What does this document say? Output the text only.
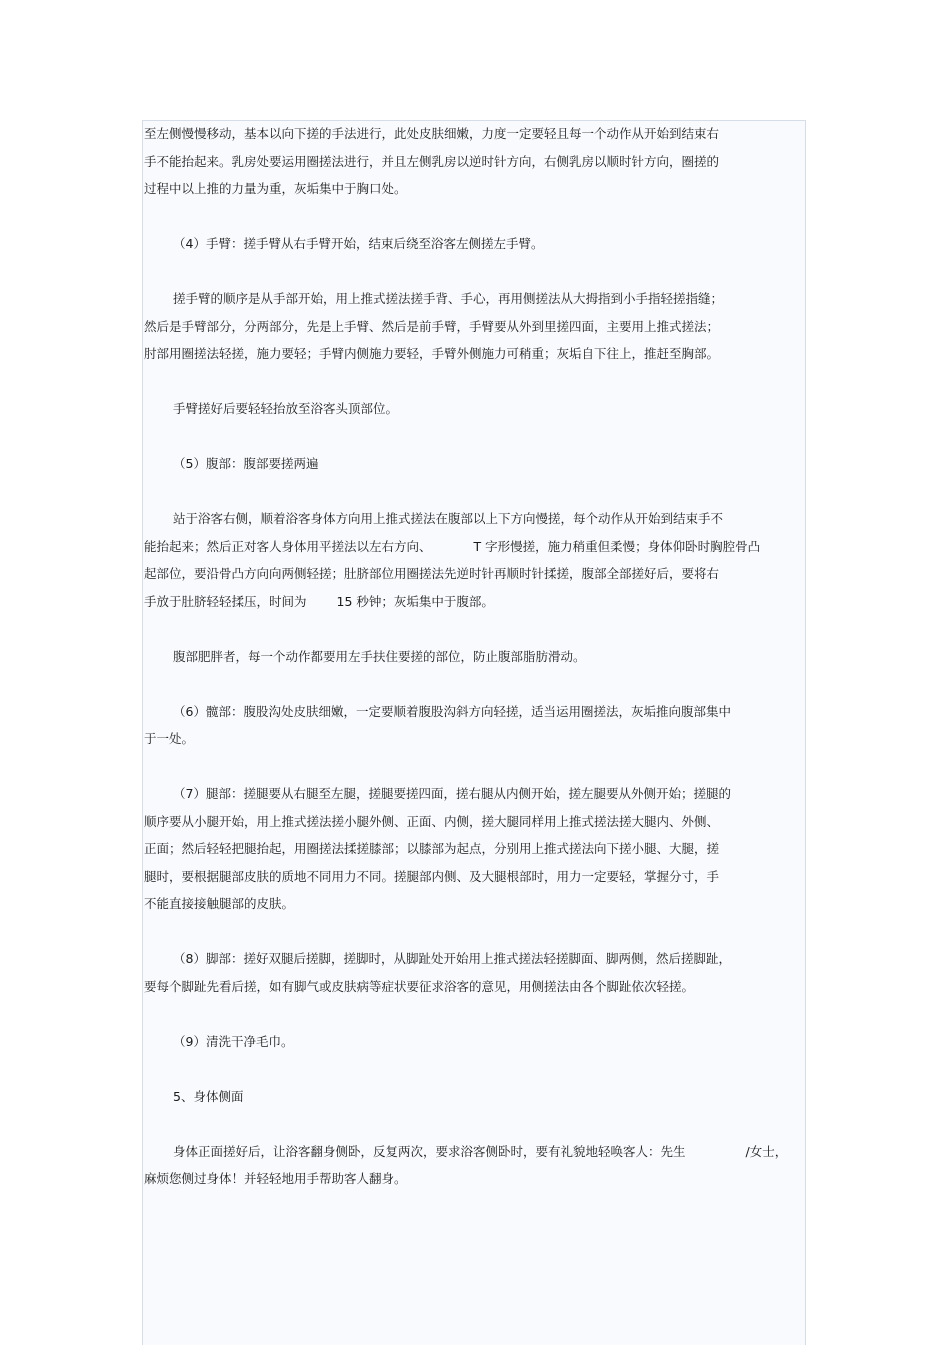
至左侧慢慢移动，基本以向下搓的手法进行，此处皮肤细嫩，力度一定要轻且每一个动作从开始到结束右
手不能抬起来。乳房处要运用圈搓法进行，并且左侧乳房以逆时针方向，右侧乳房以顺时针方向，圈搓的
过程中以上推的力量为重，灰垢集中于胸口处。

（4）手臂：搓手臂从右手臂开始，结束后绕至浴客左侧搓左手臂。

搓手臂的顺序是从手部开始，用上推式搓法搓手背、手心，再用侧搓法从大拇指到小手指轻搓指缝；
然后是手臂部分，分两部分，先是上手臂、然后是前手臂，手臂要从外到里搓四面，主要用上推式搓法；
肘部用圈搓法轻搓，施力要轻；手臂内侧施力要轻，手臂外侧施力可稍重；灰垢自下往上，推赶至胸部。

手臂搓好后要轻轻抬放至浴客头顶部位。

（5）腹部：腹部要搓两遍

站于浴客右侧，顺着浴客身体方向用上推式搓法在腹部以上下方向慢搓，每个动作从开始到结束手不
能抬起来；然后正对客人身体用平搓法以左右方向、	T 字形慢搓，施力稍重但柔慢；身体仰卧时胸腔骨凸
起部位，要沿骨凸方向向两侧轻搓；肚脐部位用圈搓法先逆时针再顺时针揉搓，腹部全部搓好后，要将右
手放于肚脐轻轻揉压，时间为 15 秒钟；灰垢集中于腹部。

腹部肥胖者，每一个动作都要用左手扶住要搓的部位，防止腹部脂肪滑动。

（6）髋部：腹股沟处皮肤细嫩，一定要顺着腹股沟斜方向轻搓，适当运用圈搓法，灰垢推向腹部集中
于一处。

（7）腿部：搓腿要从右腿至左腿，搓腿要搓四面，搓右腿从内侧开始，搓左腿要从外侧开始；搓腿的
顺序要从小腿开始，用上推式搓法搓小腿外侧、正面、内侧，搓大腿同样用上推式搓法搓大腿内、外侧、
正面；然后轻轻把腿抬起，用圈搓法揉搓膝部；以膝部为起点，分别用上推式搓法向下搓小腿、大腿，搓
腿时，要根据腿部皮肤的质地不同用力不同。搓腿部内侧、及大腿根部时，用力一定要轻，掌握分寸，手
不能直接接触腿部的皮肤。

（8）脚部：搓好双腿后搓脚，搓脚时，从脚趾处开始用上推式搓法轻搓脚面、脚两侧，然后搓脚趾，
要每个脚趾先看后搓，如有脚气或皮肤病等症状要征求浴客的意见，用侧搓法由各个脚趾依次轻搓。

（9）清洗干净毛巾。

5、身体侧面

身体正面搓好后，让浴客翻身侧卧，反复两次，要求浴客侧卧时，要有礼貌地轻唤客人：先生	/女士，
麻烦您侧过身体！并轻轻地用手帮助客人翻身。
